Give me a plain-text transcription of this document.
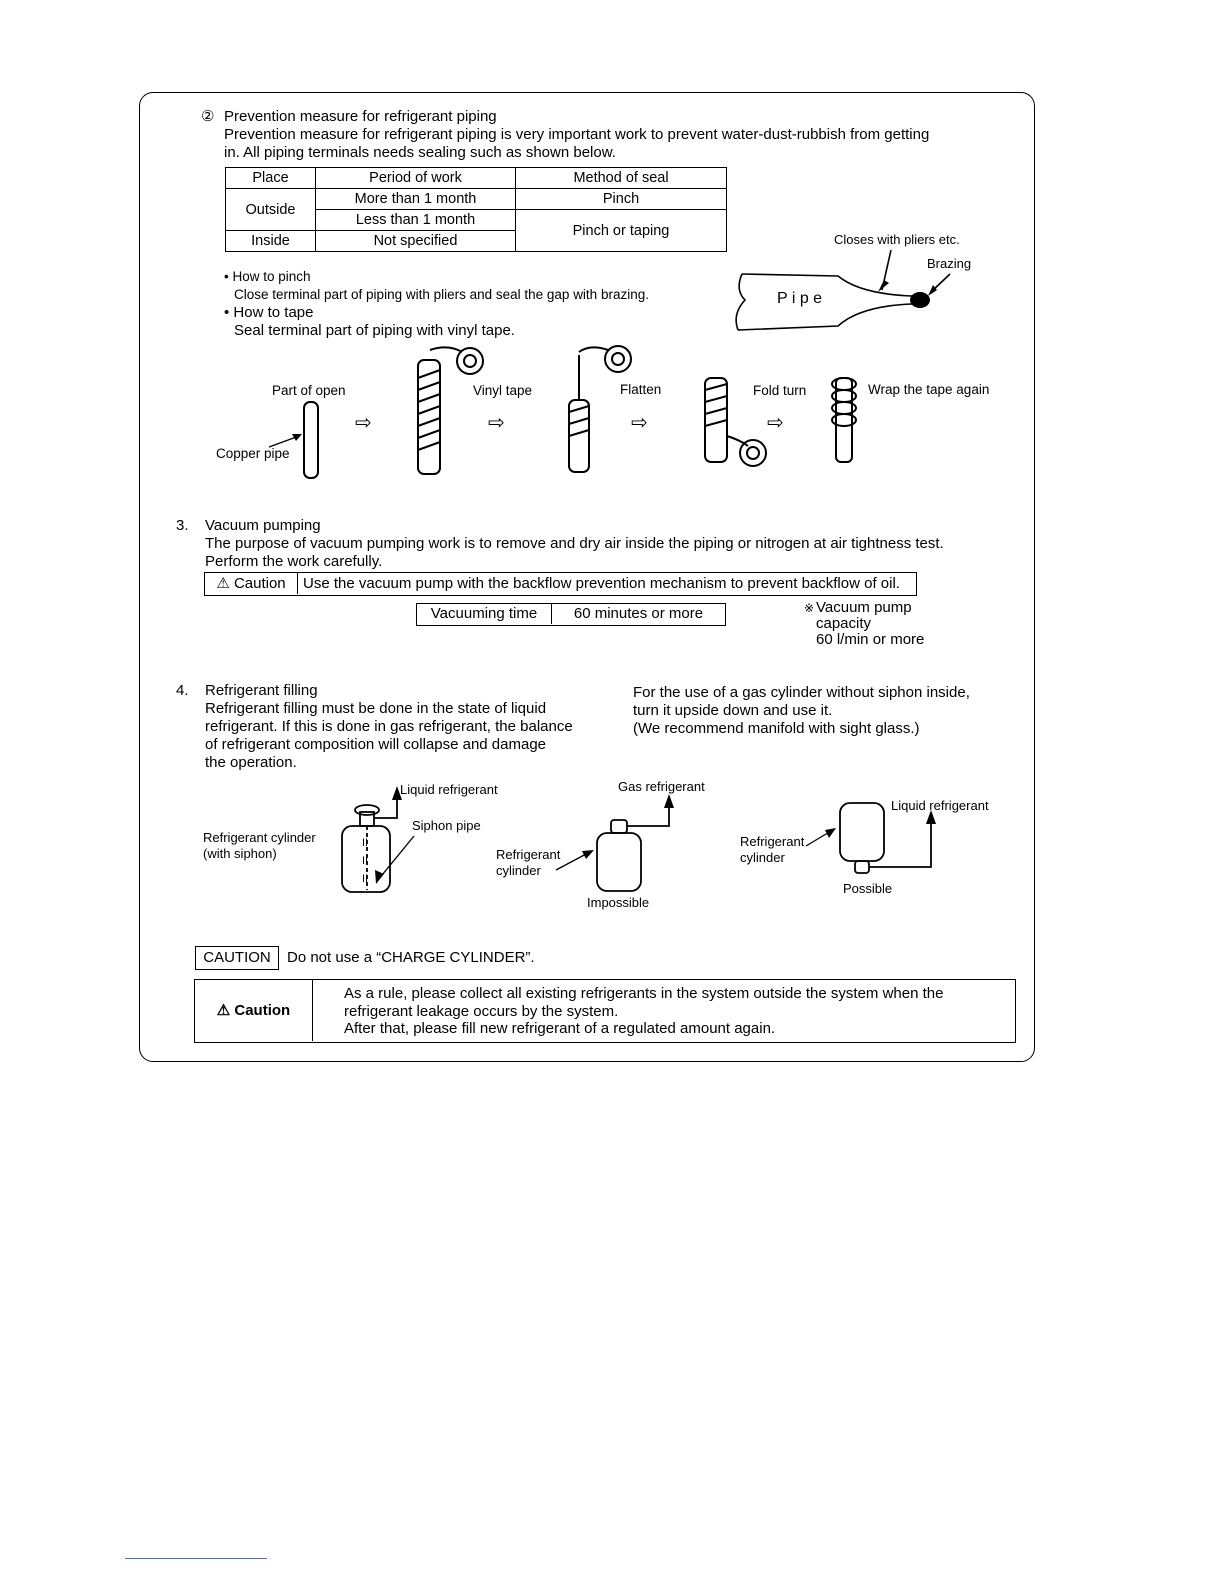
② Prevention measure for refrigerant piping
Prevention measure for refrigerant piping is very important work to prevent water-dust-rubbish from getting
in. All piping terminals needs sealing such as shown below.
Place	Period of work	Method of seal
Outside	More than 1 month	Pinch
	Less than 1 month	Pinch or taping
Inside	Not specified	
• How to pinch
Close terminal part of piping with pliers and seal the gap with brazing.
• How to tape
Seal terminal part of piping with vinyl tape.
II
II
II
Closes with pliers etc.
Brazing
P i p e
Part of open
Copper pipe
Vinyl tape	Flatten	Fold turn	Wrap the tape again
⇨	⇨	⇨	⇨
3. Vacuum pumping
The purpose of vacuum pumping work is to remove and dry air inside the piping or nitrogen at air tightness test.
Perform the work carefully.
⚠ Caution	Use the vacuum pump with the backflow prevention mechanism to prevent backflow of oil.
Vacuuming time	60 minutes or more	※ Vacuum pump
capacity
60 l/min or more
4. Refrigerant filling
Refrigerant filling must be done in the state of liquid
refrigerant. If this is done in gas refrigerant, the balance
of refrigerant composition will collapse and damage
the operation.
For the use of a gas cylinder without siphon inside,
turn it upside down and use it.
(We recommend manifold with sight glass.)
Liquid refrigerant
Siphon pipe
Refrigerant cylinder
(with siphon)
Gas refrigerant
Refrigerant
cylinder
Impossible
Refrigerant
cylinder
Liquid refrigerant
Possible
CAUTION	Do not use a “CHARGE CYLINDER”.
⚠ Caution
As a rule, please collect all existing refrigerants in the system outside the system when the
refrigerant leakage occurs by the system.
After that, please fill new refrigerant of a regulated amount again.
